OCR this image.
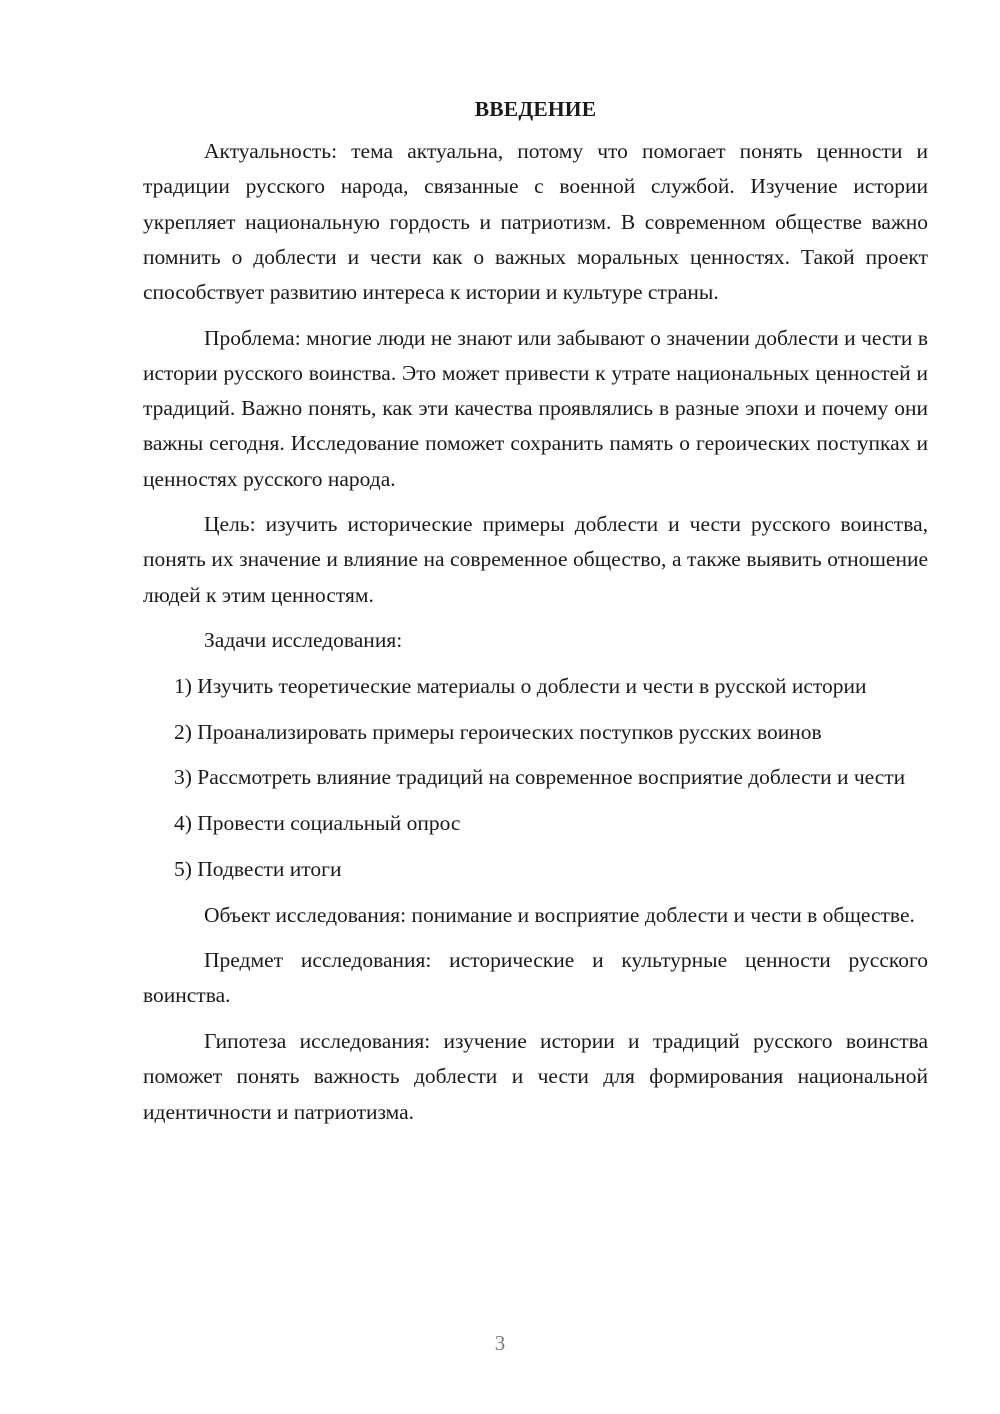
ВВЕДЕНИЕ

Актуальность: тема актуальна, потому что помогает понять ценности и традиции русского народа, связанные с военной службой. Изучение истории укрепляет национальную гордость и патриотизм. В современном обществе важно помнить о доблести и чести как о важных моральных ценностях. Такой проект способствует развитию интереса к истории и культуре страны.

Проблема: многие люди не знают или забывают о значении доблести и чести в истории русского воинства. Это может привести к утрате национальных ценностей и традиций. Важно понять, как эти качества проявлялись в разные эпохи и почему они важны сегодня. Исследование поможет сохранить память о героических поступках и ценностях русского народа.

Цель: изучить исторические примеры доблести и чести русского воинства, понять их значение и влияние на современное общество, а также выявить отношение людей к этим ценностям.

Задачи исследования:

1) Изучить теоретические материалы о доблести и чести в русской истории

2) Проанализировать примеры героических поступков русских воинов

3) Рассмотреть влияние традиций на современное восприятие доблести и чести

4) Провести социальный опрос

5) Подвести итоги

Объект исследования: понимание и восприятие доблести и чести в обществе.

Предмет исследования: исторические и культурные ценности русского воинства.

Гипотеза исследования: изучение истории и традиций русского воинства поможет понять важность доблести и чести для формирования национальной идентичности и патриотизма.

3
